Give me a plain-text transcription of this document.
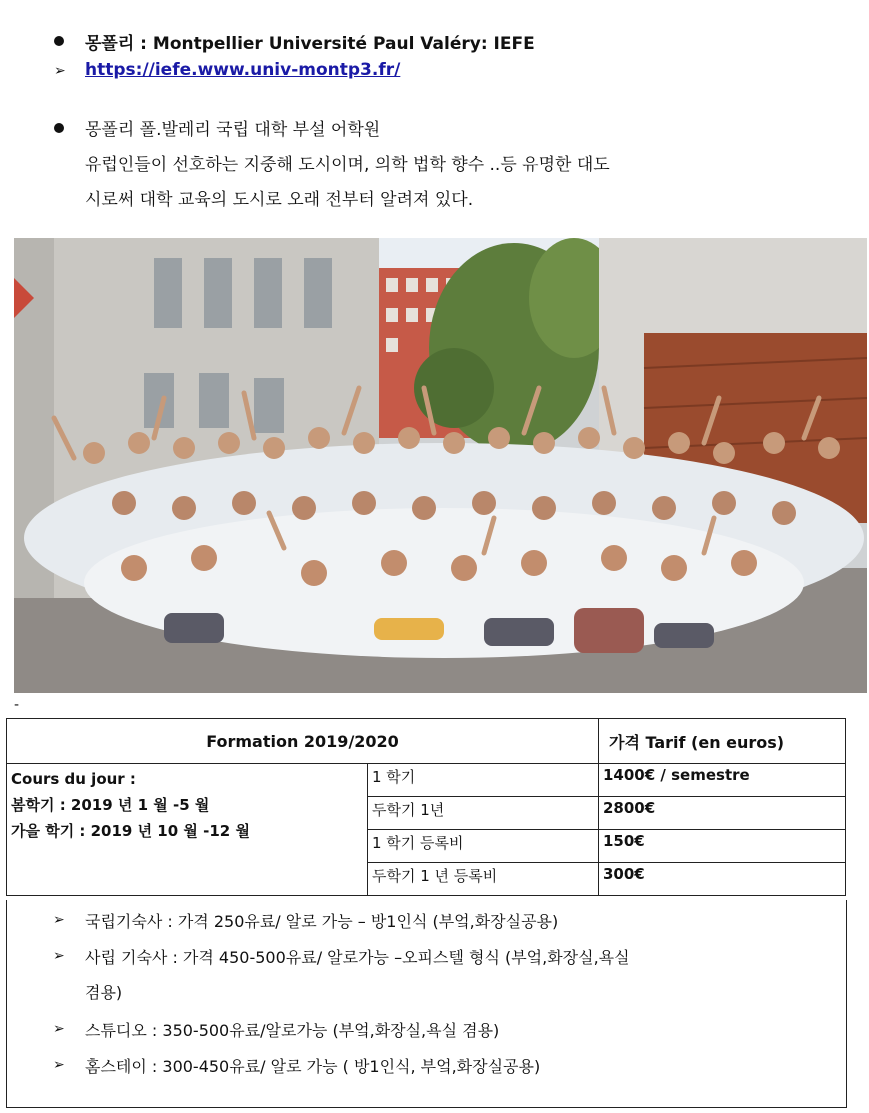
몽폴리 : Montpellier Université Paul Valéry: IEFE
➢ https://iefe.www.univ-montp3.fr/
몽폴리 폴.발레리 국립 대학 부설 어학원
유럽인들이 선호하는 지중해 도시이며, 의학 법학 향수 ..등 유명한 대도
시로써 대학 교육의 도시로 오래 전부터 알려져 있다.
-
Formation 2019/2020		가격 Tarif (en euros)

Cours du jour :
봄학기 : 2019 년 1 월 -5 월
가을 학기 : 2019 년 10 월 -12 월	1 학기	1400€ / semestre
	두학기 1년	2800€
	1 학기 등록비	150€
	두학기 1 년 등록비	300€
➢ 국립기숙사 : 가격 250유료/ 알로 가능 – 방1인식 (부엌,화장실공용)
➢ 사립 기숙사 : 가격 450-500유료/ 알로가능 –오피스텔 형식 (부엌,화장실,욕실
겸용)
➢ 스튜디오 : 350-500유료/알로가능 (부엌,화장실,욕실 겸용)
➢ 홈스테이 : 300-450유료/ 알로 가능 ( 방1인식, 부엌,화장실공용)
